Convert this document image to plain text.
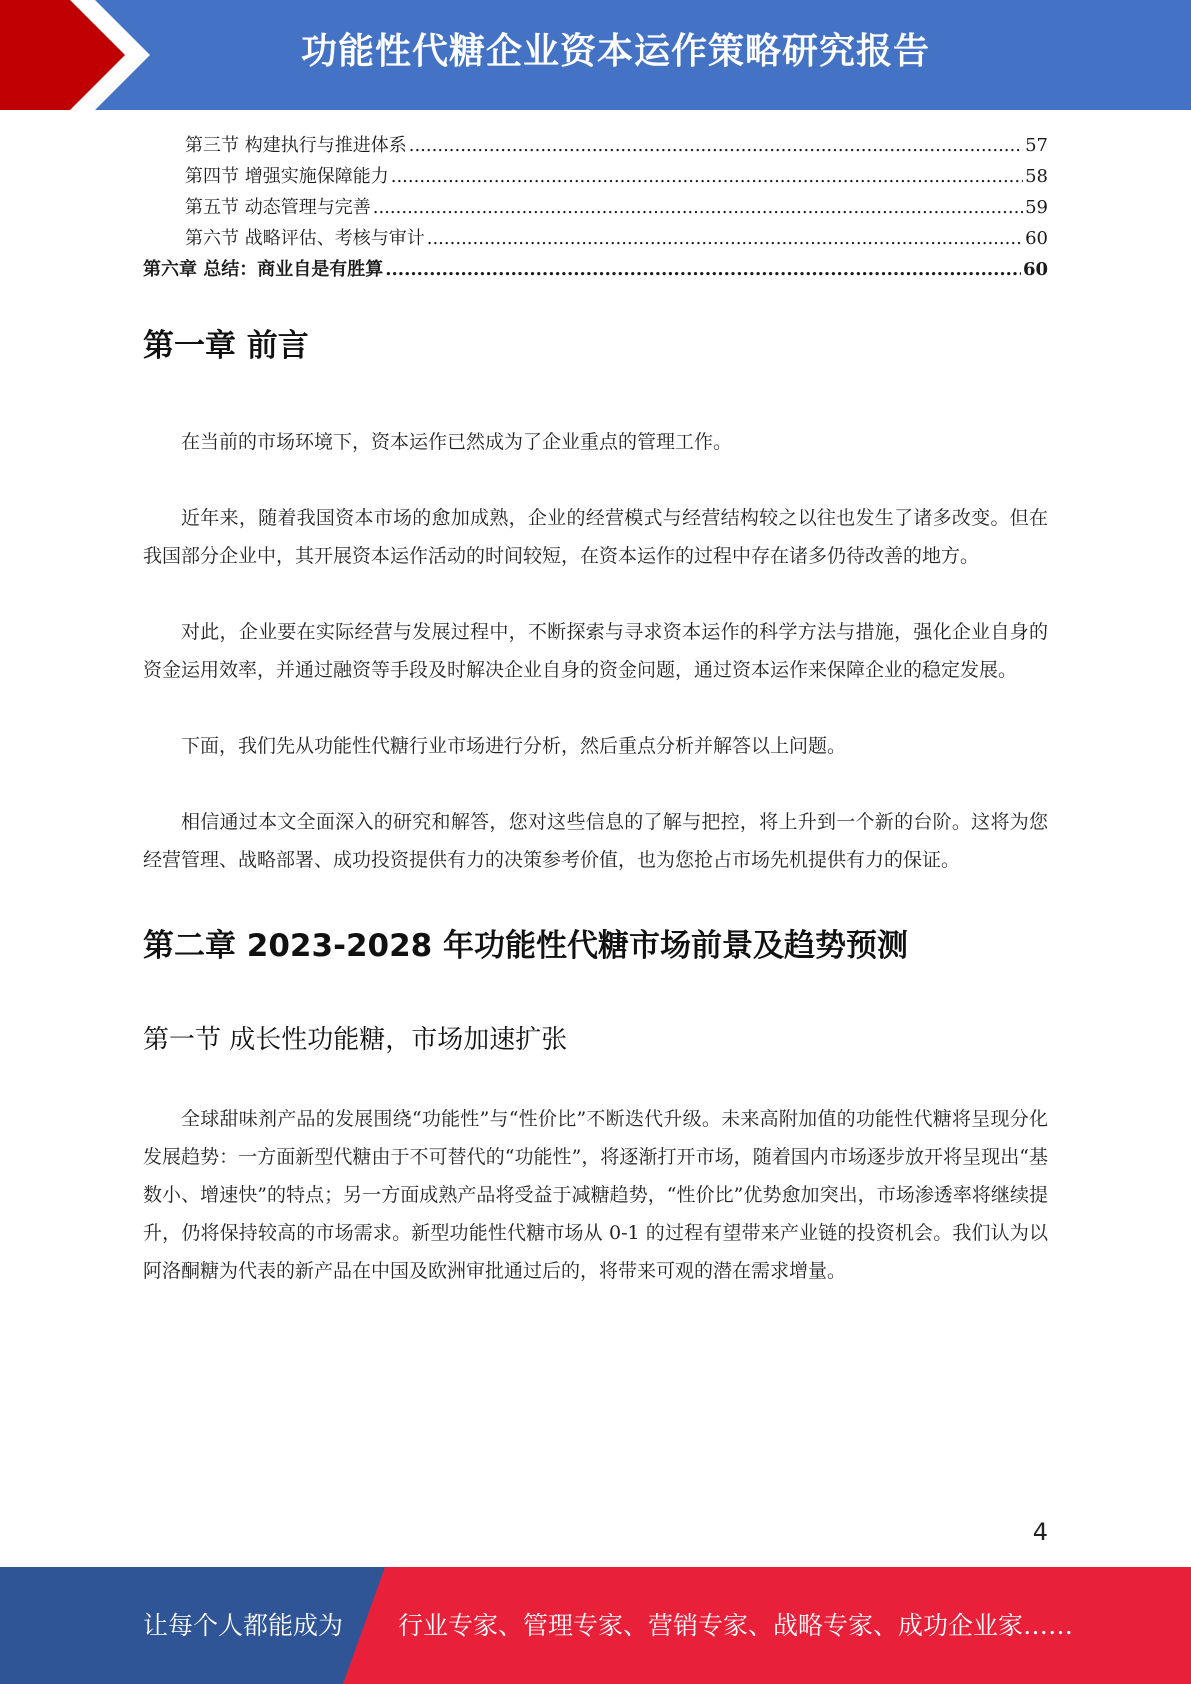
功能性代糖企业资本运作策略研究报告
第三节 构建执行与推进体系 .....	57
第四节 增强实施保障能力 .....	58
第五节 动态管理与完善 .....	59
第六节 战略评估、考核与审计 .....	60
第六章 总结：商业自是有胜算 .....	60
第一章 前言

在当前的市场环境下，资本运作已然成为了企业重点的管理工作。

近年来，随着我国资本市场的愈加成熟，企业的经营模式与经营结构较之以往也发生了诸多改变。但在我国部分企业中，其开展资本运作活动的时间较短，在资本运作的过程中存在诸多仍待改善的地方。

对此，企业要在实际经营与发展过程中，不断探索与寻求资本运作的科学方法与措施，强化企业自身的资金运用效率，并通过融资等手段及时解决企业自身的资金问题，通过资本运作来保障企业的稳定发展。

下面，我们先从功能性代糖行业市场进行分析，然后重点分析并解答以上问题。

相信通过本文全面深入的研究和解答，您对这些信息的了解与把控，将上升到一个新的台阶。这将为您经营管理、战略部署、成功投资提供有力的决策参考价值，也为您抢占市场先机提供有力的保证。

第二章 2023-2028 年功能性代糖市场前景及趋势预测
第一节 成长性功能糖，市场加速扩张

全球甜味剂产品的发展围绕“功能性”与“性价比”不断迭代升级。未来高附加值的功能性代糖将呈现分化发展趋势：一方面新型代糖由于不可替代的“功能性”，将逐渐打开市场，随着国内市场逐步放开将呈现出“基数小、增速快”的特点；另一方面成熟产品将受益于减糖趋势，“性价比”优势愈加突出，市场渗透率将继续提升，仍将保持较高的市场需求。新型功能性代糖市场从 0-1 的过程有望带来产业链的投资机会。我们认为以阿洛酮糖为代表的新产品在中国及欧洲审批通过后的，将带来可观的潜在需求增量。

4
让每个人都能成为 行业专家、管理专家、营销专家、战略专家、成功企业家……
